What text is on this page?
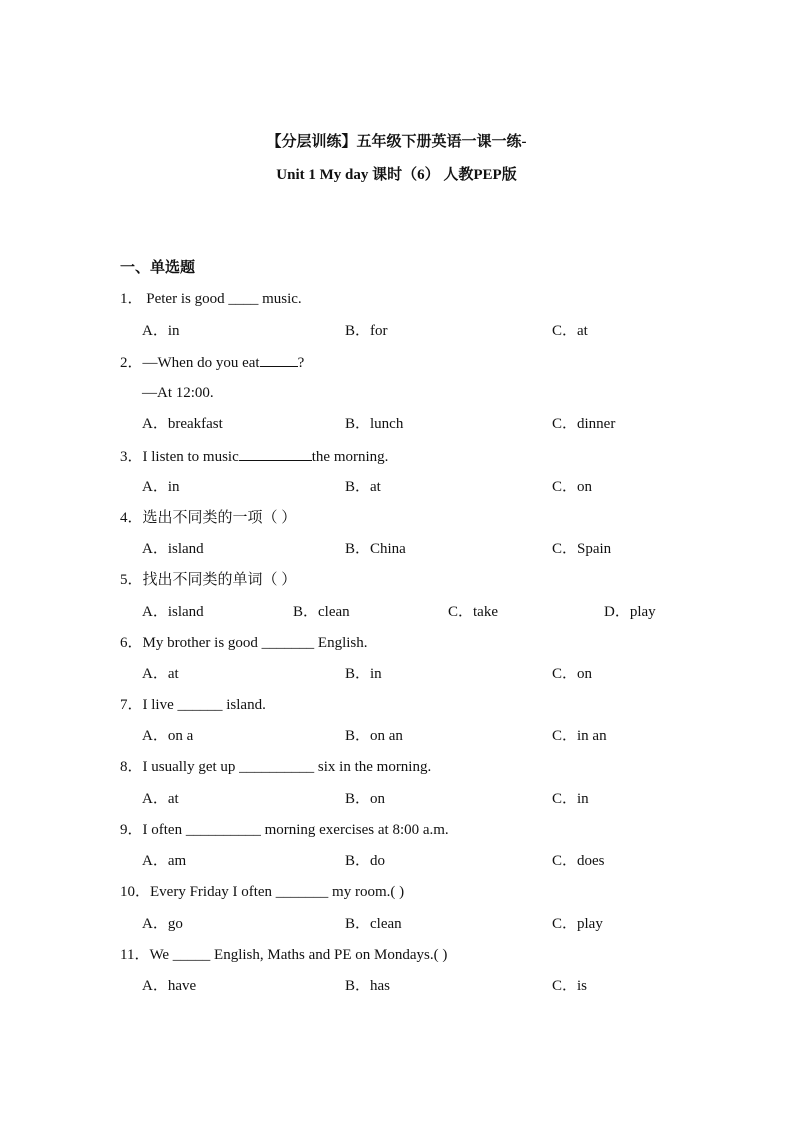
【分层训练】五年级下册英语一课一练-
Unit 1 My day 课时（6） 人教PEP版
一、单选题
1． Peter is good ____ music.
A．in	B．for	C．at
2．—When do you eat	?
—At 12:00.
A．breakfast	B．lunch	C．dinner
3．I listen to music	the morning.
A．in	B．at	C．on
4．选出不同类的一项（ ）
A．island	B．China	C．Spain
5．找出不同类的单词（ ）
A．island	B．clean	C．take	D．play
6．My brother is good _______ English.
A．at	B．in	C．on
7．I live ______ island.
A．on a	B．on an	C．in an
8．I usually get up __________ six in the morning.
A．at	B．on	C．in
9．I often __________ morning exercises at 8:00 a.m.
A．am	B．do	C．does
10．Every Friday I often _______ my room.( )
A．go	B．clean	C．play
11．We _____ English, Maths and PE on Mondays.( )
A．have	B．has	C．is
